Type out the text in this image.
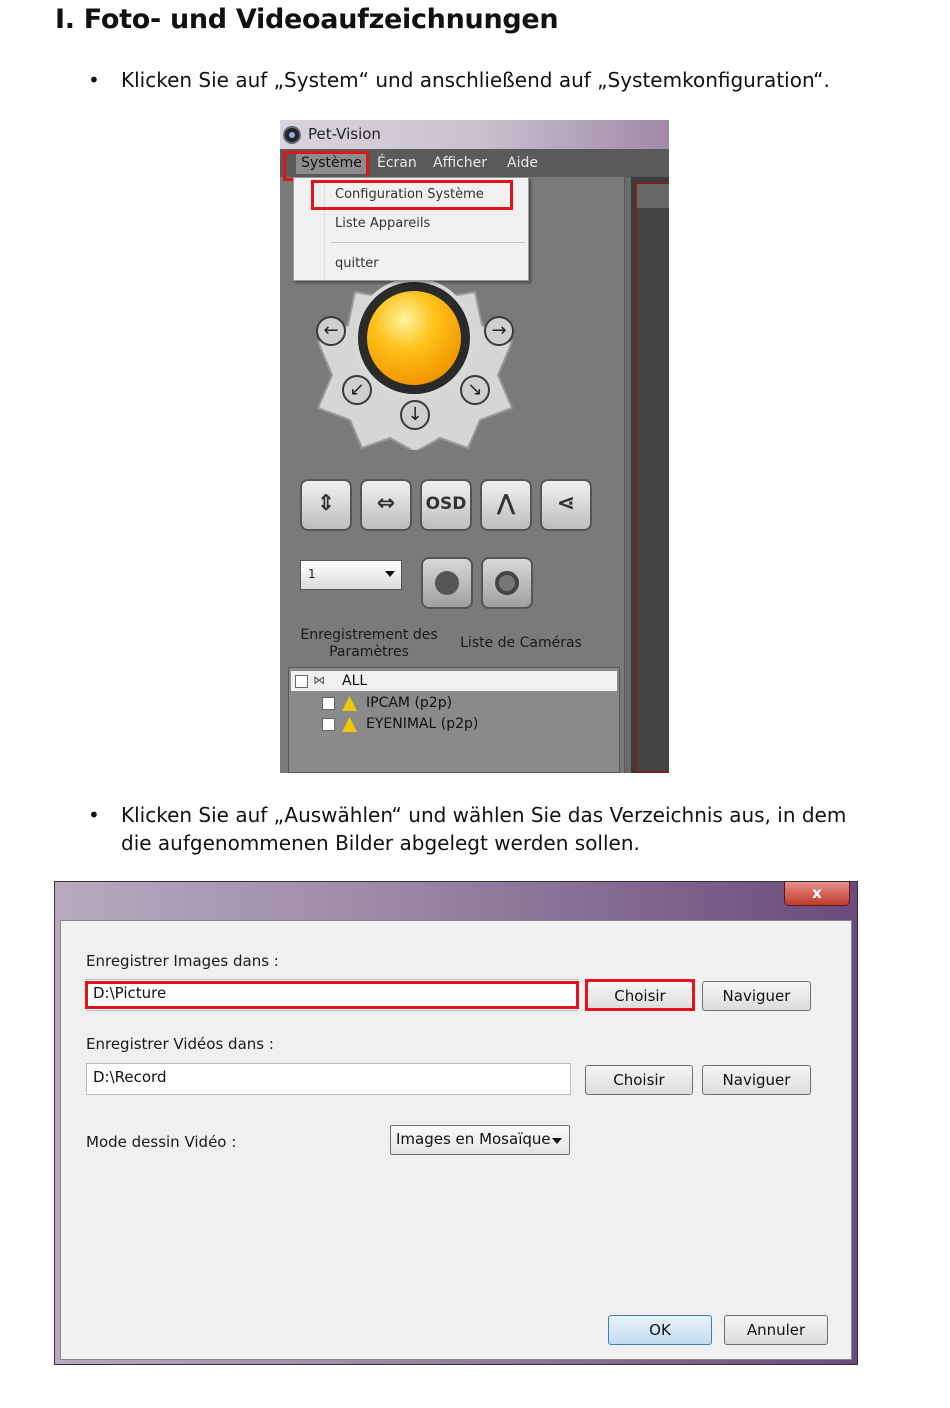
I. Foto- und Videoaufzeichnungen
• Klicken Sie auf „System“ und anschließend auf „Systemkonfiguration“.
Pet-Vision
Système	Écran Afficher Aide
←	→
↙	↘
↓
Configuration Système
Liste Appareils
quitter
⇕	⇔	OSD	⋀	⋖
1
Enregistrement des
Paramètres
Liste de Caméras
⋈ ALL
IPCAM (p2p)
EYENIMAL (p2p)
• Klicken Sie auf „Auswählen“ und wählen Sie das Verzeichnis aus, in dem die aufgenommenen Bilder abgelegt werden sollen.
x
Enregistrer Images dans :
D:\Picture	Choisir	Naviguer
Enregistrer Vidéos dans :
D:\Record	Choisir	Naviguer
Mode dessin Vidéo :	Images en Mosaïque
OK	Annuler
